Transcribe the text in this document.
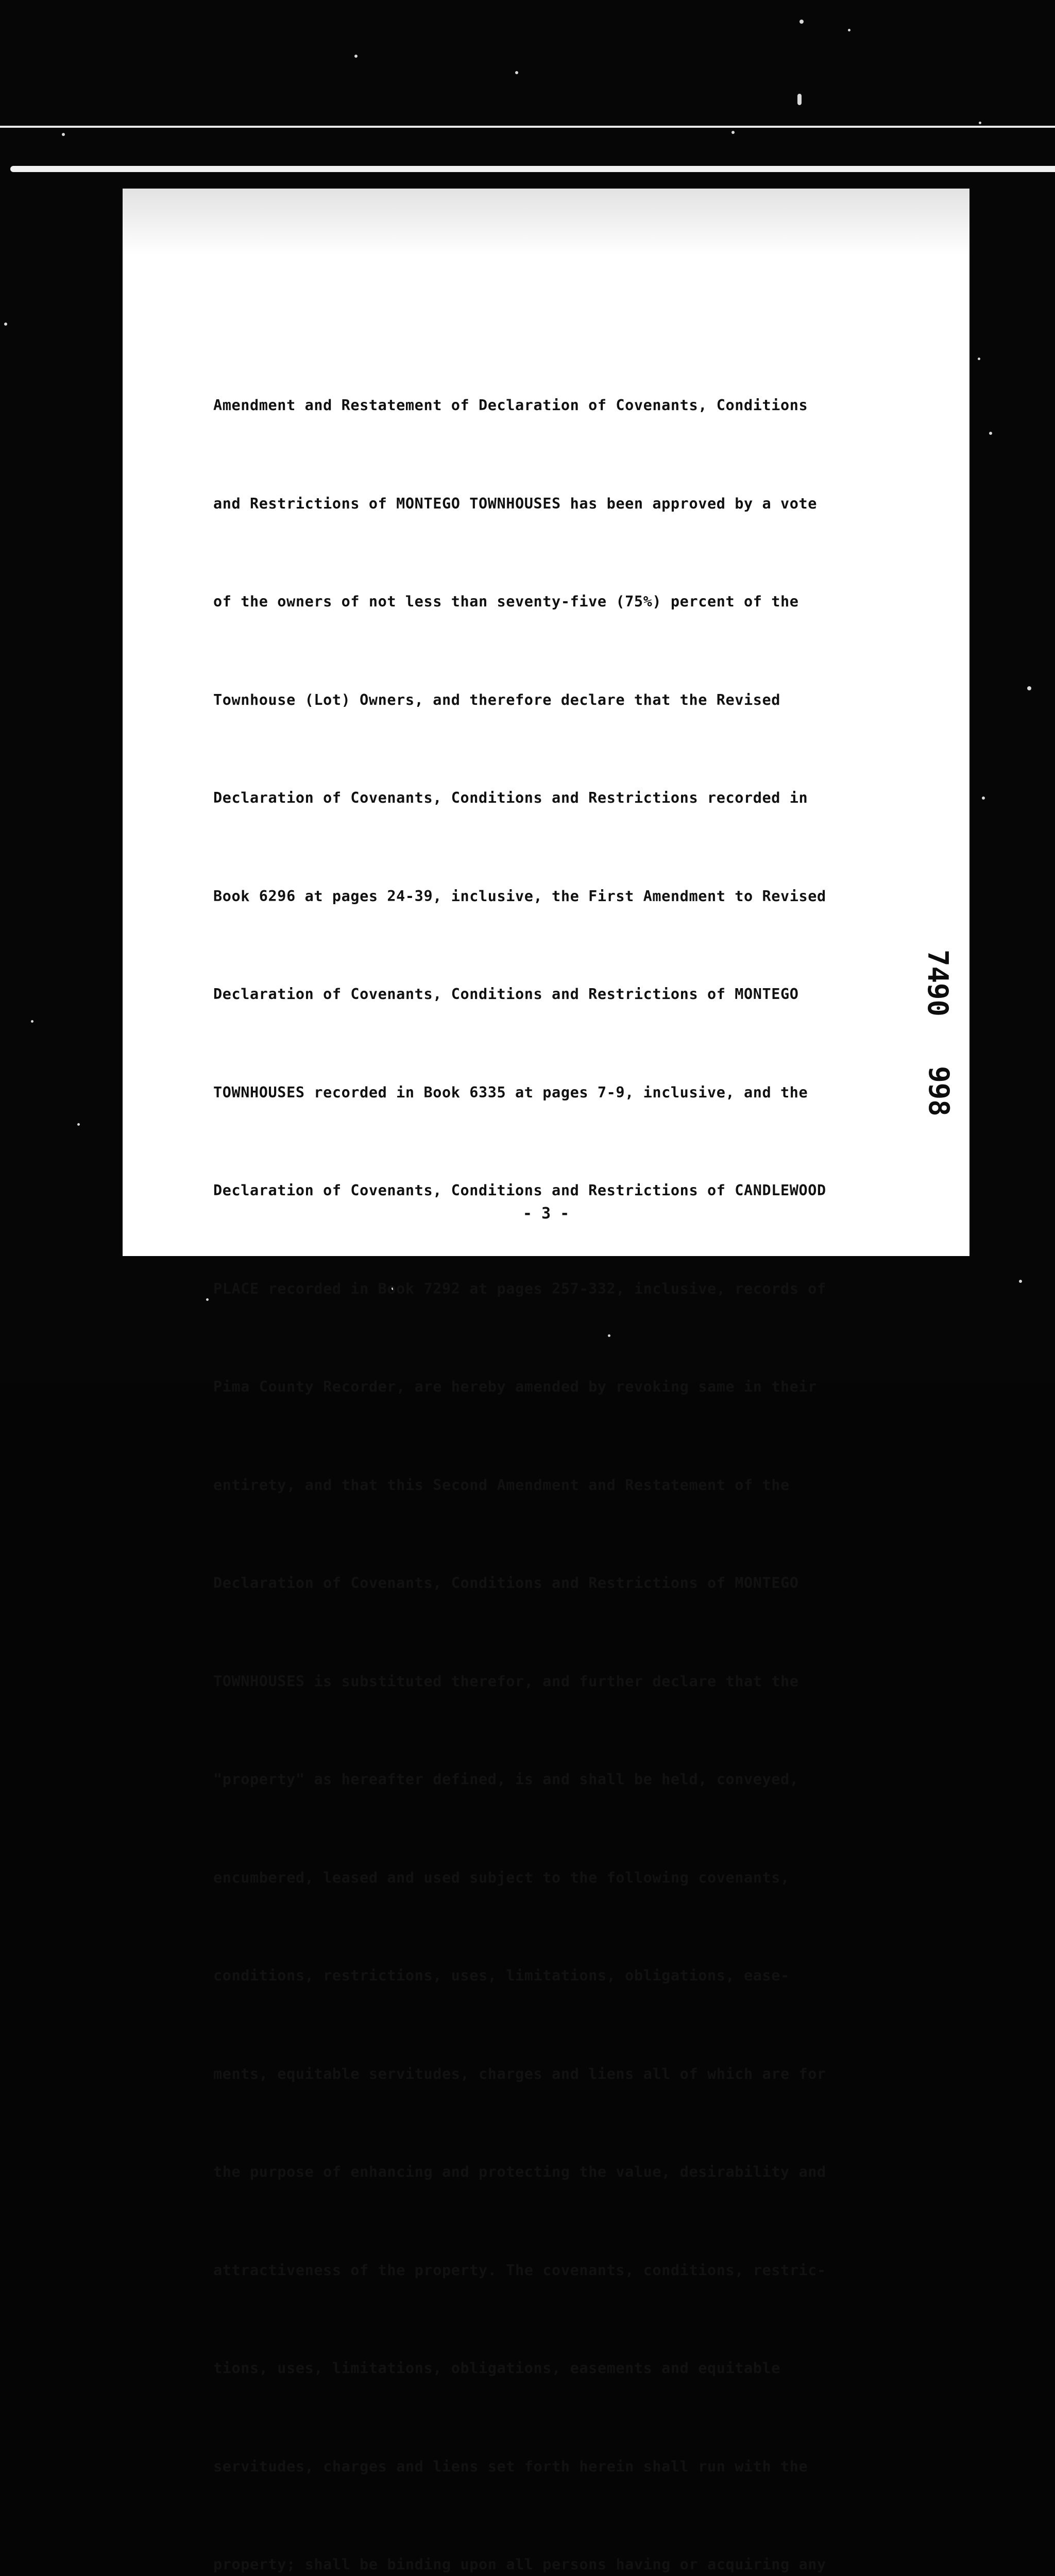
Amendment and Restatement of Declaration of Covenants, Conditions

and Restrictions of MONTEGO TOWNHOUSES has been approved by a vote

of the owners of not less than seventy-five (75%) percent of the

Townhouse (Lot) Owners, and therefore declare that the Revised

Declaration of Covenants, Conditions and Restrictions recorded in

Book 6296 at pages 24-39, inclusive, the First Amendment to Revised

Declaration of Covenants, Conditions and Restrictions of MONTEGO

TOWNHOUSES recorded in Book 6335 at pages 7-9, inclusive, and the

Declaration of Covenants, Conditions and Restrictions of CANDLEWOOD

PLACE recorded in Book 7292 at pages 257-332, inclusive, records of

Pima County Recorder, are hereby amended by revoking same in their

entirety, and that this Second Amendment and Restatement of the

Declaration of Covenants, Conditions and Restrictions of MONTEGO

TOWNHOUSES is substituted therefor, and further declare that the

"property" as hereafter defined, is and shall be held, conveyed,

encumbered, leased and used subject to the following covenants,

conditions, restrictions, uses, limitations, obligations, ease-

ments, equitable servitudes, charges and liens all of which are for

the purpose of enhancing and protecting the value, desirability and

attractiveness of the property. The covenants, conditions, restric-

tions, uses, limitations, obligations, easements and equitable

servitudes, charges and liens set forth herein shall run with the

property; shall be binding upon all persons having or acquiring any

7490
998
- 3 -
